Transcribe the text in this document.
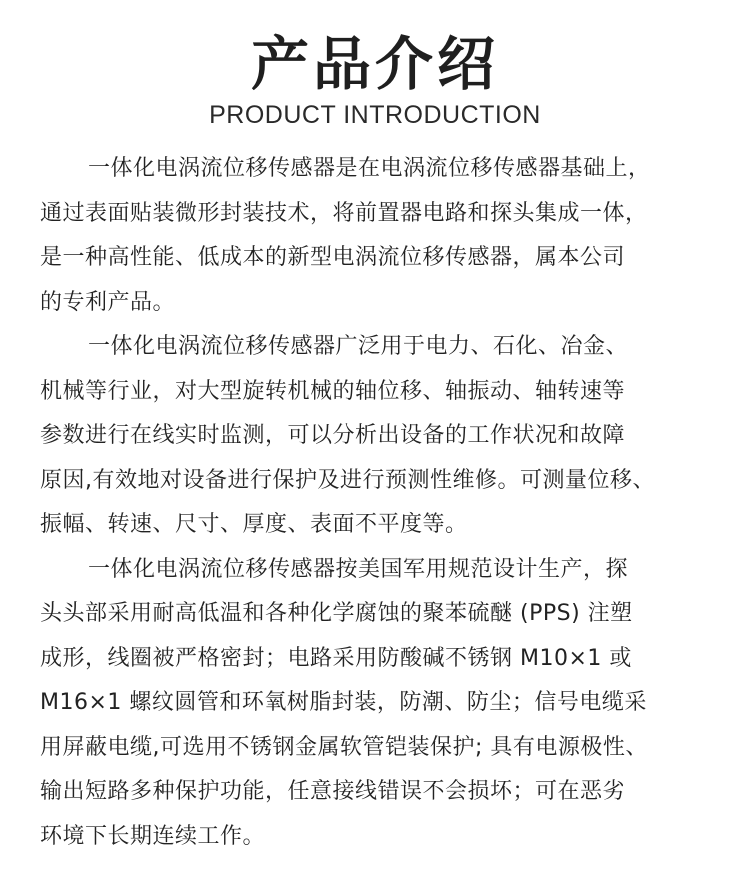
产品介绍
PRODUCT INTRODUCTION
一体化电涡流位移传感器是在电涡流位移传感器基础上，
通过表面贴装微形封装技术，将前置器电路和探头集成一体，
是一种高性能、低成本的新型电涡流位移传感器，属本公司
的专利产品。
一体化电涡流位移传感器广泛用于电力、石化、冶金、
机械等行业，对大型旋转机械的轴位移、轴振动、轴转速等
参数进行在线实时监测，可以分析出设备的工作状况和故障
原因,有效地对设备进行保护及进行预测性维修。可测量位移、
振幅、转速、尺寸、厚度、表面不平度等。
一体化电涡流位移传感器按美国军用规范设计生产，探
头头部采用耐高低温和各种化学腐蚀的聚苯硫醚 (PPS) 注塑
成形，线圈被严格密封；电路采用防酸碱不锈钢 M10×1 或
M16×1 螺纹圆管和环氧树脂封装，防潮、防尘；信号电缆采
用屏蔽电缆,可选用不锈钢金属软管铠装保护; 具有电源极性、
输出短路多种保护功能，任意接线错误不会损坏；可在恶劣
环境下长期连续工作。
